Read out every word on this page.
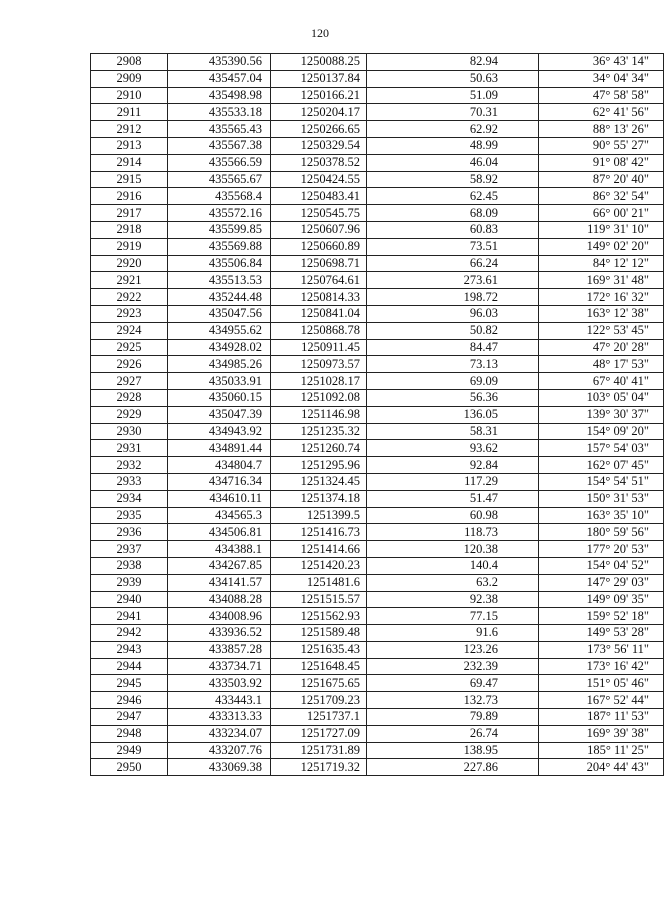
120
2908	435390.56	1250088.25	82.94	36° 43' 14"
2909	435457.04	1250137.84	50.63	34° 04' 34"
2910	435498.98	1250166.21	51.09	47° 58' 58"
2911	435533.18	1250204.17	70.31	62° 41' 56"
2912	435565.43	1250266.65	62.92	88° 13' 26"
2913	435567.38	1250329.54	48.99	90° 55' 27"
2914	435566.59	1250378.52	46.04	91° 08' 42"
2915	435565.67	1250424.55	58.92	87° 20' 40"
2916	435568.4	1250483.41	62.45	86° 32' 54"
2917	435572.16	1250545.75	68.09	66° 00' 21"
2918	435599.85	1250607.96	60.83	119° 31' 10"
2919	435569.88	1250660.89	73.51	149° 02' 20"
2920	435506.84	1250698.71	66.24	84° 12' 12"
2921	435513.53	1250764.61	273.61	169° 31' 48"
2922	435244.48	1250814.33	198.72	172° 16' 32"
2923	435047.56	1250841.04	96.03	163° 12' 38"
2924	434955.62	1250868.78	50.82	122° 53' 45"
2925	434928.02	1250911.45	84.47	47° 20' 28"
2926	434985.26	1250973.57	73.13	48° 17' 53"
2927	435033.91	1251028.17	69.09	67° 40' 41"
2928	435060.15	1251092.08	56.36	103° 05' 04"
2929	435047.39	1251146.98	136.05	139° 30' 37"
2930	434943.92	1251235.32	58.31	154° 09' 20"
2931	434891.44	1251260.74	93.62	157° 54' 03"
2932	434804.7	1251295.96	92.84	162° 07' 45"
2933	434716.34	1251324.45	117.29	154° 54' 51"
2934	434610.11	1251374.18	51.47	150° 31' 53"
2935	434565.3	1251399.5	60.98	163° 35' 10"
2936	434506.81	1251416.73	118.73	180° 59' 56"
2937	434388.1	1251414.66	120.38	177° 20' 53"
2938	434267.85	1251420.23	140.4	154° 04' 52"
2939	434141.57	1251481.6	63.2	147° 29' 03"
2940	434088.28	1251515.57	92.38	149° 09' 35"
2941	434008.96	1251562.93	77.15	159° 52' 18"
2942	433936.52	1251589.48	91.6	149° 53' 28"
2943	433857.28	1251635.43	123.26	173° 56' 11"
2944	433734.71	1251648.45	232.39	173° 16' 42"
2945	433503.92	1251675.65	69.47	151° 05' 46"
2946	433443.1	1251709.23	132.73	167° 52' 44"
2947	433313.33	1251737.1	79.89	187° 11' 53"
2948	433234.07	1251727.09	26.74	169° 39' 38"
2949	433207.76	1251731.89	138.95	185° 11' 25"
2950	433069.38	1251719.32	227.86	204° 44' 43"
